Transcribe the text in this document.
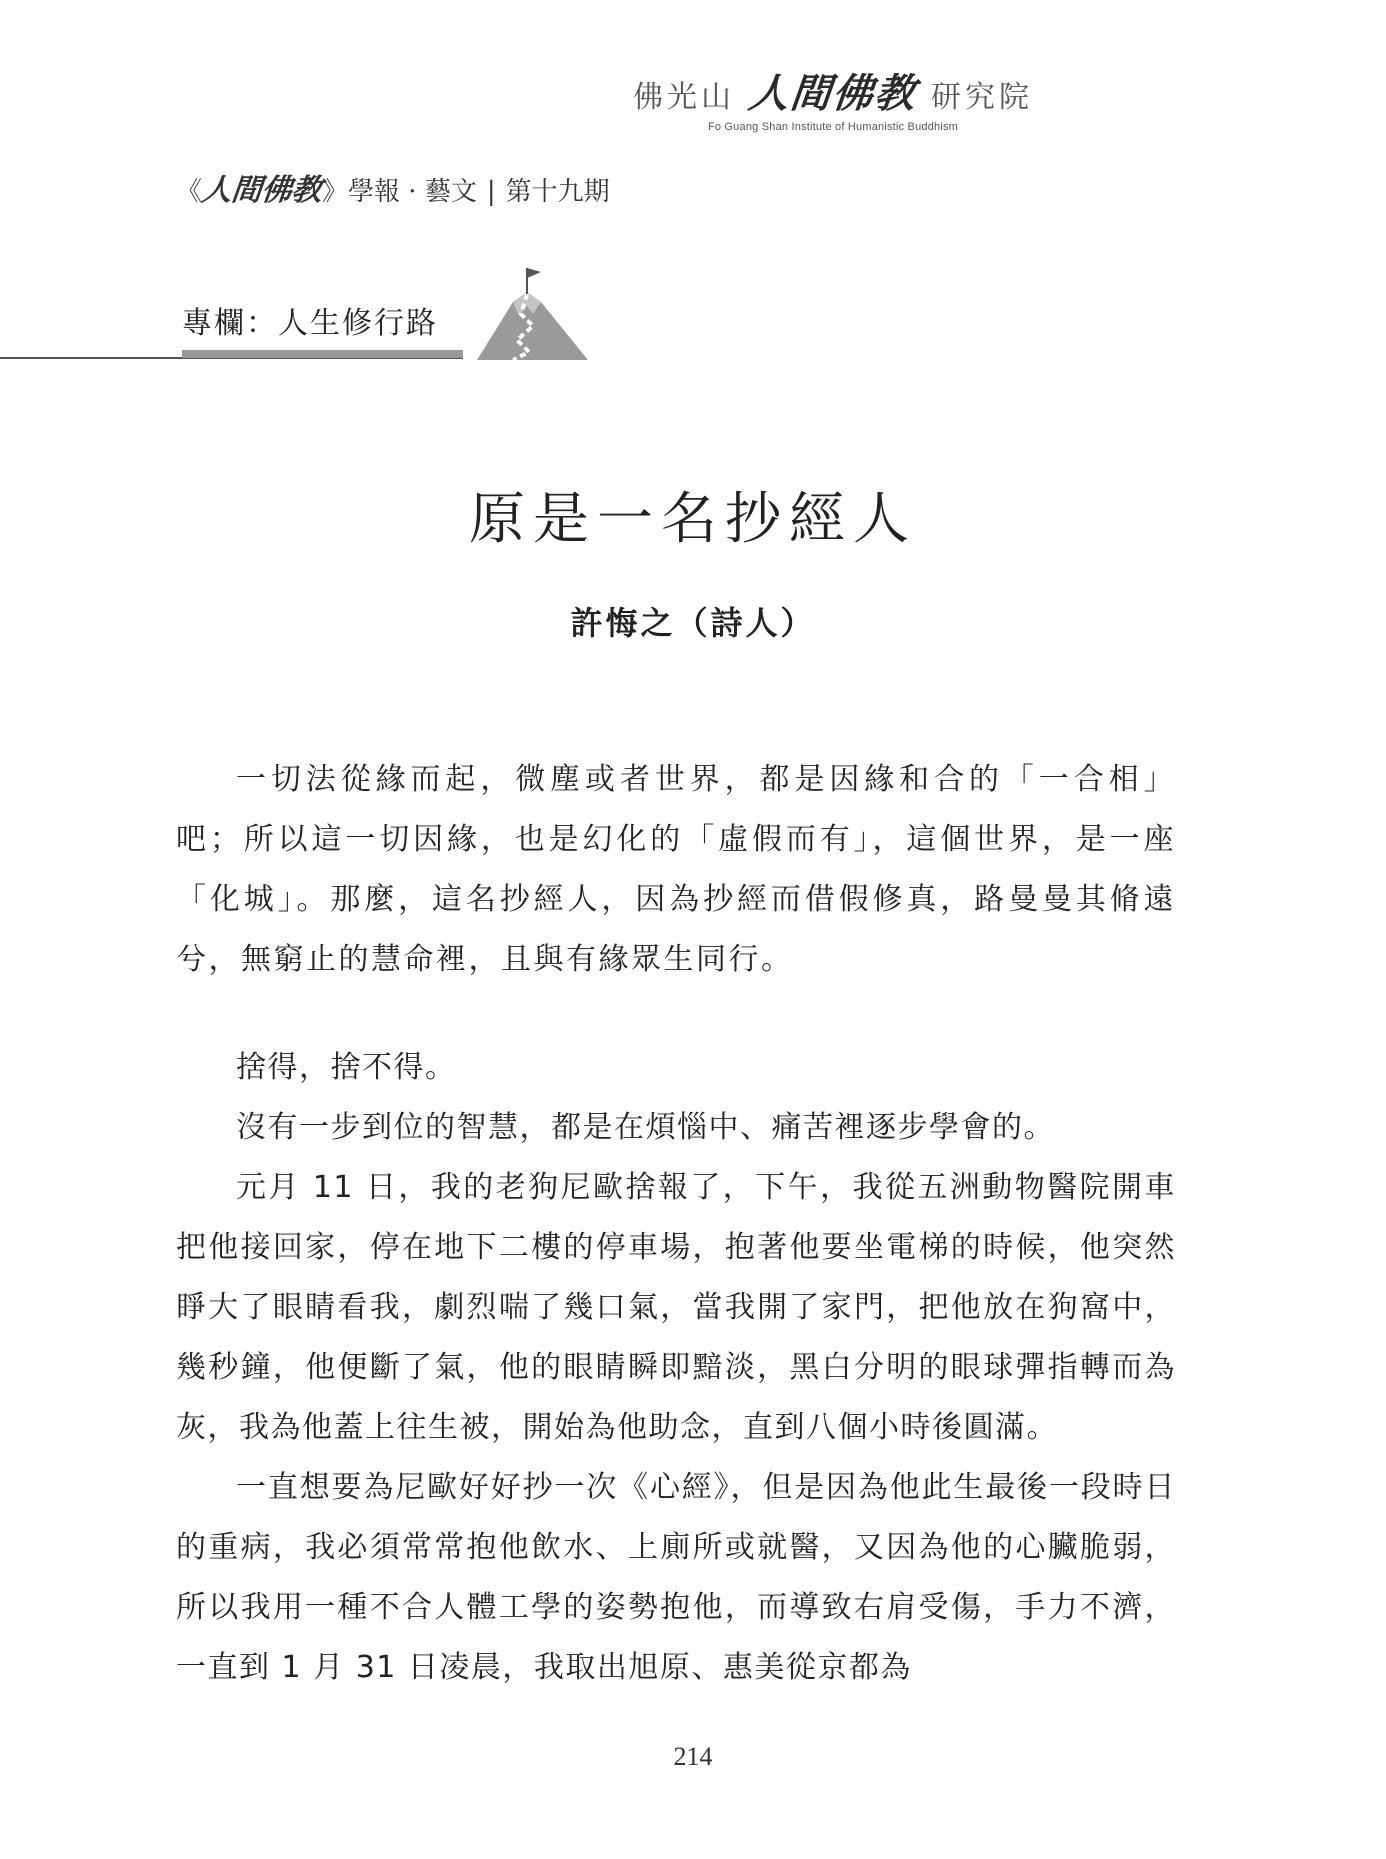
佛光山 人間佛教 研究院
Fo Guang Shan Institute of Humanistic Buddhism
《
人間佛教
》 學報 · 藝文 | 第十九期
專欄：人生修行路
原是一名抄經人
許悔之（詩人）

一切法從緣而起，微塵或者世界，都是因緣和合的「一合相」吧；所以這一切因緣，也是幻化的「虛假而有」，這個世界，是一座「化城」。那麼，這名抄經人，因為抄經而借假修真，路曼曼其脩遠兮，無窮止的慧命裡，且與有緣眾生同行。

捨得，捨不得。

沒有一步到位的智慧，都是在煩惱中、痛苦裡逐步學會的。

元月 11 日，我的老狗尼歐捨報了，下午，我從五洲動物醫院開車把他接回家，停在地下二樓的停車場，抱著他要坐電梯的時候，他突然睜大了眼睛看我，劇烈喘了幾口氣，當我開了家門，把他放在狗窩中，幾秒鐘，他便斷了氣，他的眼睛瞬即黯淡，黑白分明的眼球彈指轉而為灰，我為他蓋上往生被，開始為他助念，直到八個小時後圓滿。

一直想要為尼歐好好抄一次《心經》，但是因為他此生最後一段時日的重病，我必須常常抱他飲水、上廁所或就醫，又因為他的心臟脆弱，所以我用一種不合人體工學的姿勢抱他，而導致右肩受傷，手力不濟，一直到 1 月 31 日凌晨，我取出旭原、惠美從京都為

214
